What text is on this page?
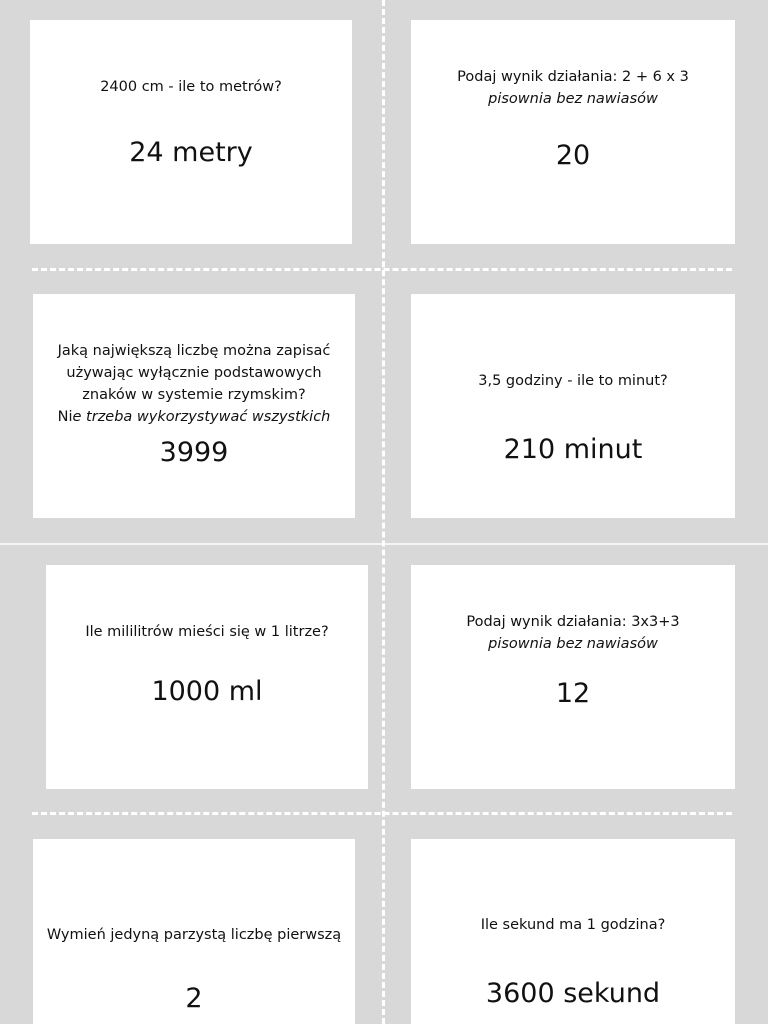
2400 cm - ile to metrów?
24 metry
Podaj wynik działania: 2 + 6 x 3
pisownia bez nawiasów
20
Jaką największą liczbę można zapisać
używając wyłącznie podstawowych
znaków w systemie rzymskim?
Nie trzeba wykorzystywać wszystkich
3999
3,5 godziny - ile to minut?
210 minut
Ile mililitrów mieści się w 1 litrze?
1000 ml
Podaj wynik działania: 3x3+3
pisownia bez nawiasów
12
Wymień jedyną parzystą liczbę pierwszą
2
Ile sekund ma 1 godzina?
3600 sekund
